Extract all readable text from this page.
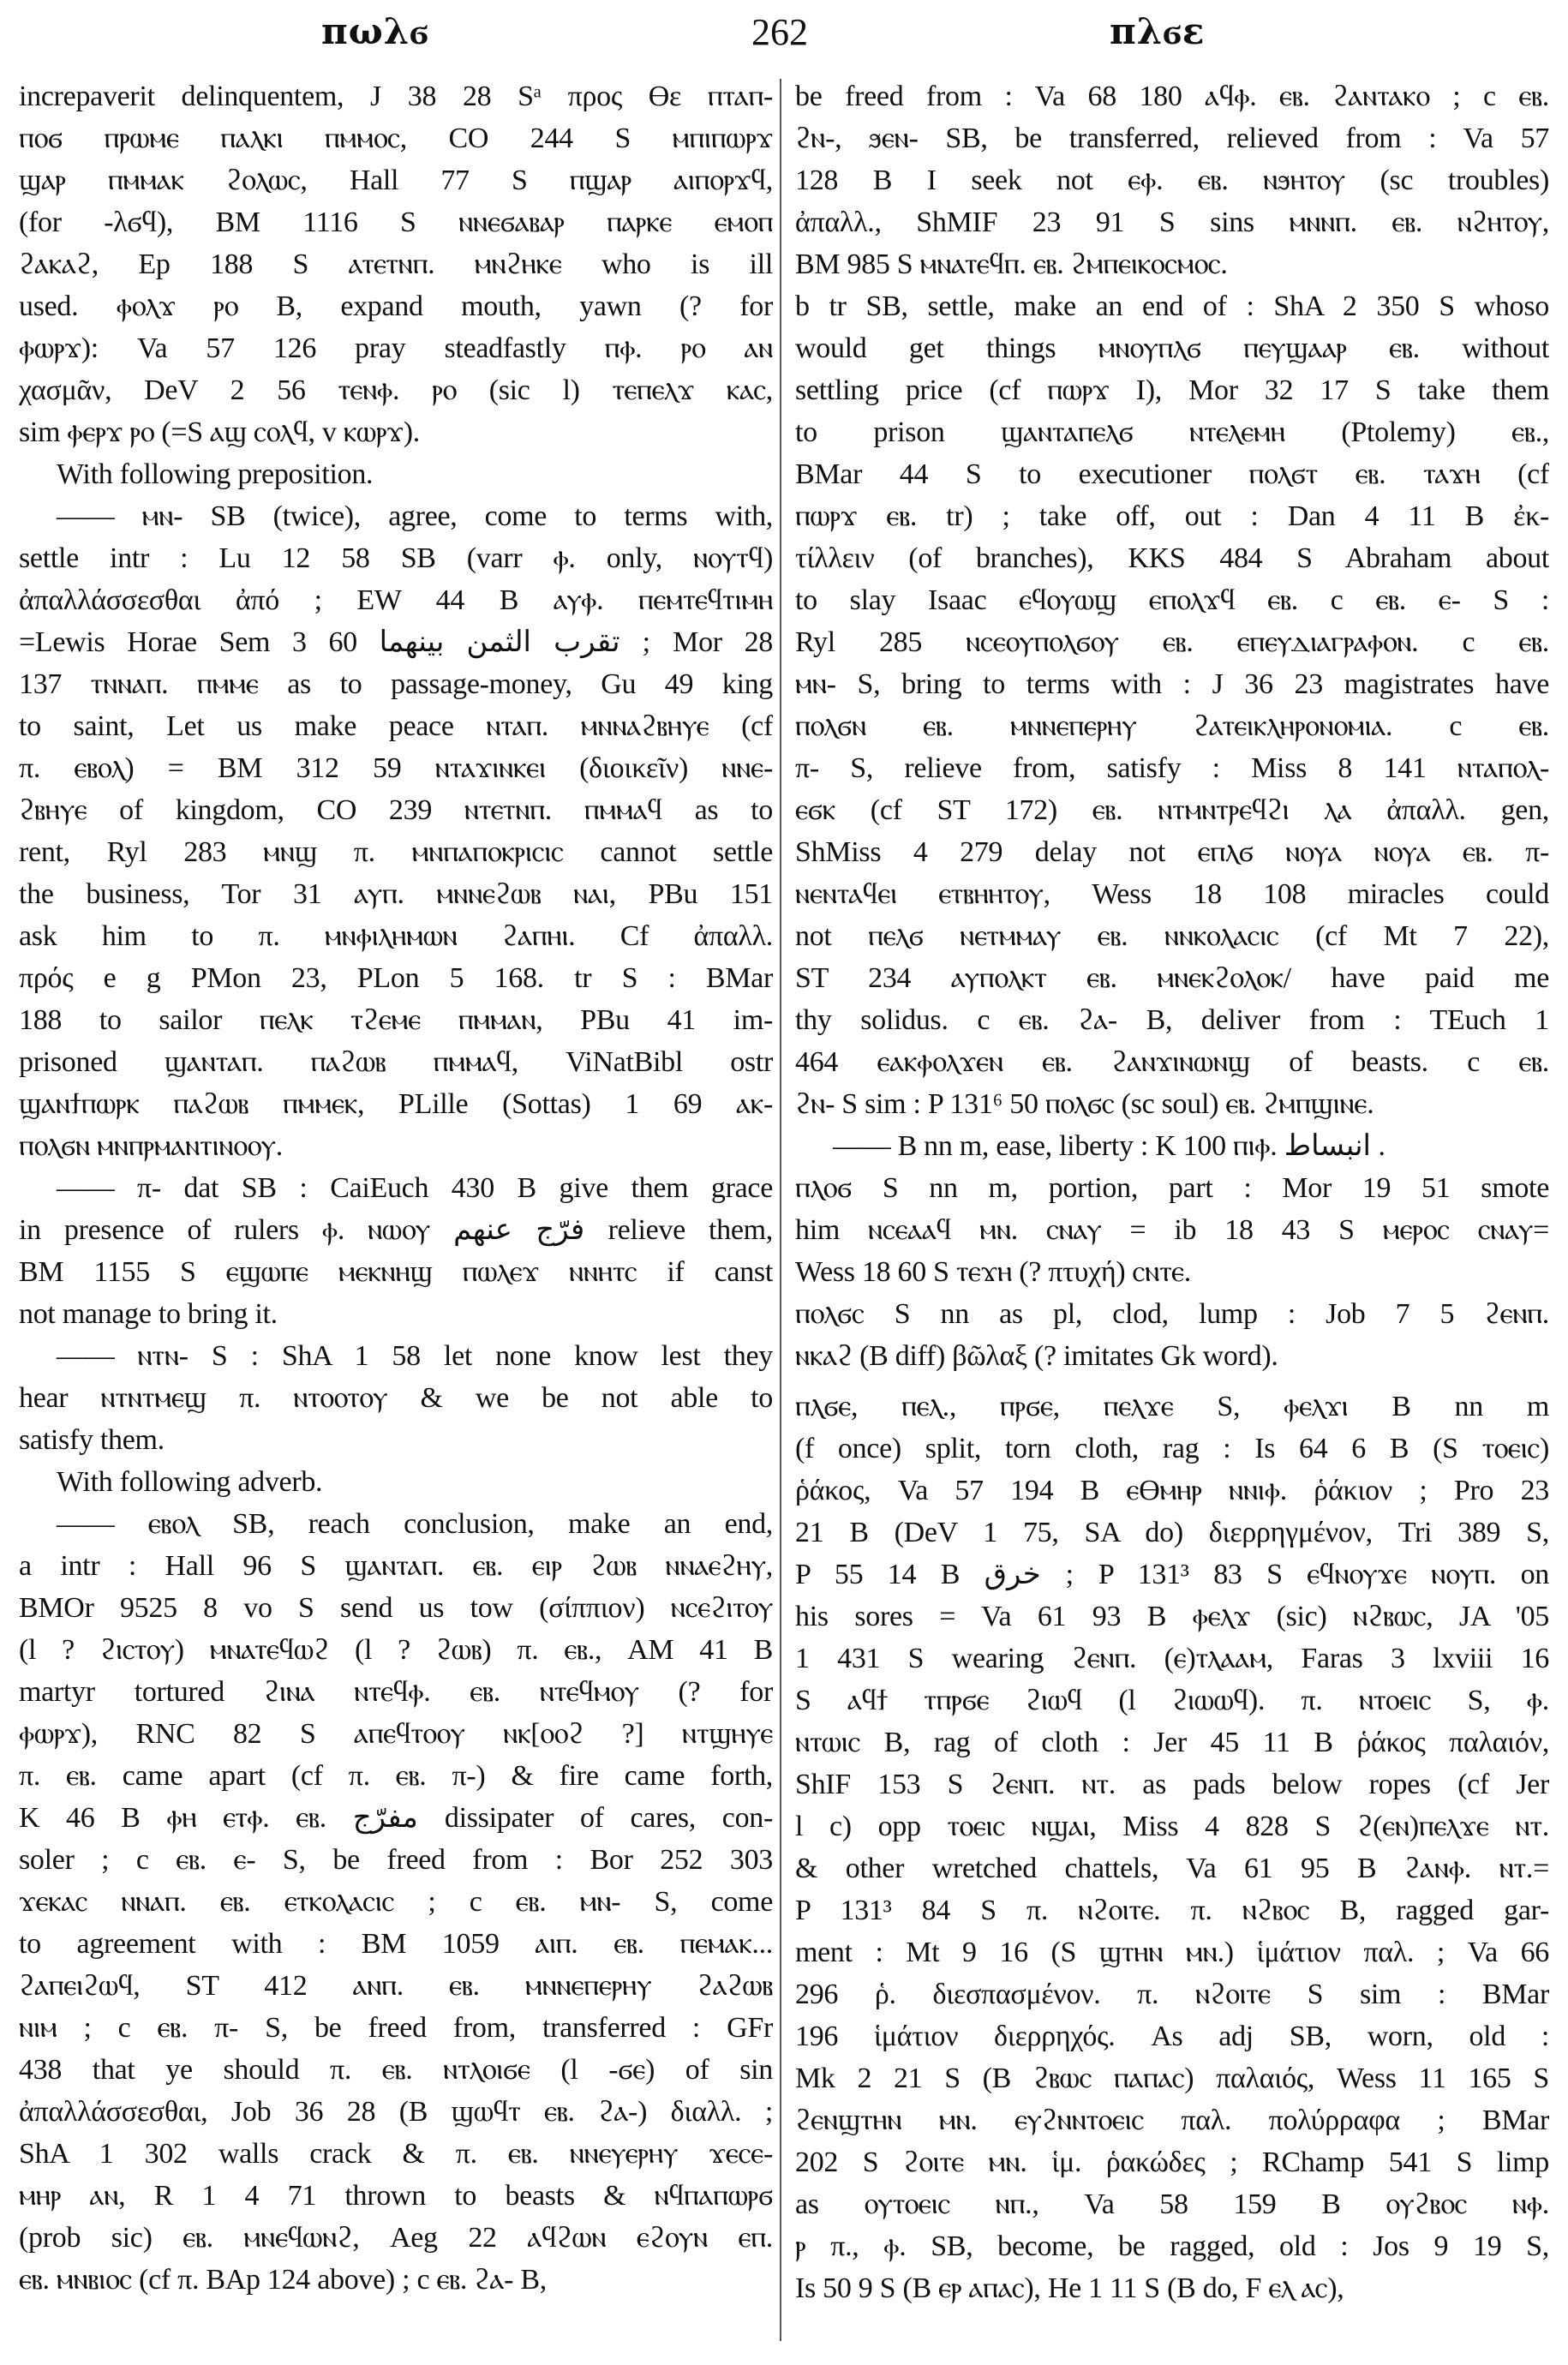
πωλϭ	262	πλϭε
increpaverit delinquentem, J 38 28 Sᵃ προς ϴε ⲡⲧⲁⲡ-
ⲡⲟϭ ⲡⲣⲱⲙⲉ ⲡⲁⲗⲕⲓ ⲡⲙⲙⲟⲥ, CO 244 S ⲙⲡⲓⲡⲱⲣϫ
ϣⲁⲣ ⲡⲙⲙⲁⲕ ϩⲟⲗⲱⲥ, Hall 77 S ⲡϣⲁⲣ ⲁⲓⲡⲟⲣϫϥ,
(for -λϭϥ), BM 1116 S ⲛⲛⲉϭⲁⲃⲁⲣ ⲡⲁⲣⲕⲉ ⲉⲙⲟⲡ
ϩⲁⲕⲁϩ, Ep 188 S ⲁⲧⲉⲧⲛⲡ. ⲙⲛϩⲏⲕⲉ who is ill
used. ⲫⲟⲗϫ ⲣⲟ B, expand mouth, yawn (? for
ⲫⲱⲣϫ): Va 57 126 pray steadfastly ⲡⲫ. ⲣⲟ ⲁⲛ
χασμᾶν, DeV 2 56 ⲧⲉⲛⲫ. ⲣⲟ (sic l) ⲧⲉⲡⲉⲗϫ ⲕⲁⲥ,
sim ⲫⲉⲣϫ ⲣⲟ (=S ⲁϣ ⲥⲟⲗϥ, v ⲕⲱⲣϫ).
With following preposition.
—— ⲙⲛ- SB (twice), agree, come to terms with,
settle intr : Lu 12 58 SB (varr ⲫ. only, ⲛⲟⲩⲧϥ)
ἀπαλλάσσεσθαι ἀπό ; EW 44 B ⲁⲩⲫ. ⲡⲉⲙⲧⲉϥⲧⲓⲙⲏ
=Lewis Horae Sem 3 60 تقرب الثمن بينهما ; Mor 28
137 ⲧⲛⲛⲁⲡ. ⲡⲙⲙⲉ as to passage-money, Gu 49 king
to saint, Let us make peace ⲛⲧⲁⲡ. ⲙⲛⲛⲁϩⲃⲏⲩⲉ (cf
π. ⲉⲃⲟⲗ) = BM 312 59 ⲛⲧⲁϫⲓⲛⲕⲉⲓ (διοικεῖν) ⲛⲛⲉ-
ϩⲃⲏⲩⲉ of kingdom, CO 239 ⲛⲧⲉⲧⲛⲡ. ⲡⲙⲙⲁϥ as to
rent, Ryl 283 ⲙⲛϣ π. ⲙⲛⲡⲁⲡⲟⲕⲣⲓⲥⲓⲥ cannot settle
the business, Tor 31 ⲁⲩⲡ. ⲙⲛⲛⲉϩⲱⲃ ⲛⲁⲓ, PBu 151
ask him to π. ⲙⲛⲫⲓⲗⲏⲙⲱⲛ ϩⲁⲡⲏⲓ. Cf ἀπαλλ.
πρός e g PMon 23, PLon 5 168. tr S : BMar
188 to sailor ⲡⲉⲗⲕ ⲧϩⲉⲙⲉ ⲡⲙⲙⲁⲛ, PBu 41 im-
prisoned ϣⲁⲛⲧⲁⲡ. ⲡⲁϩⲱⲃ ⲡⲙⲙⲁϥ, ViNatBibl ostr
ϣⲁⲛϯⲡⲱⲣⲕ ⲡⲁϩⲱⲃ ⲡⲙⲙⲉⲕ, PLille (Sottas) 1 69 ⲁⲕ-
ⲡⲟⲗϭⲛ ⲙⲛⲡⲣⲙⲁⲛⲧⲓⲛⲟⲟⲩ.
—— π- dat SB : CaiEuch 430 B give them grace
in presence of rulers ⲫ. ⲛⲱⲟⲩ فرّج عنهم relieve them,
BM 1155 S ⲉϣⲱⲡⲉ ⲙⲉⲕⲛⲏϣ ⲡⲱⲗⲉϫ ⲛⲛⲏⲧⲥ if canst
not manage to bring it.
—— ⲛⲧⲛ- S : ShA 1 58 let none know lest they
hear ⲛⲧⲛⲧⲙⲉϣ π. ⲛⲧⲟⲟⲧⲟⲩ & we be not able to
satisfy them.
With following adverb.
—— ⲉⲃⲟⲗ SB, reach conclusion, make an end,
a intr : Hall 96 S ϣⲁⲛⲧⲁⲡ. ⲉⲃ. ⲉⲓⲣ ϩⲱⲃ ⲛⲛⲁⲉϩⲏⲩ,
BMOr 9525 8 vo S send us tow (σίππιον) ⲛⲥⲉϩⲓⲧⲟⲩ
(l ? ϩⲓⲥⲧⲟⲩ) ⲙⲛⲁⲧⲉϥⲱϩ (l ? ϩⲱⲃ) π. ⲉⲃ., AM 41 B
martyr tortured ϩⲓⲛⲁ ⲛⲧⲉϥⲫ. ⲉⲃ. ⲛⲧⲉϥⲙⲟⲩ (? for
ⲫⲱⲣϫ), RNC 82 S ⲁⲡⲉϥⲧⲟⲟⲩ ⲛⲕ[ⲟⲟϩ ?] ⲛⲧϣⲏⲩⲉ
π. ⲉⲃ. came apart (cf π. ⲉⲃ. π-) & fire came forth,
K 46 B ⲫⲏ ⲉⲧⲫ. ⲉⲃ. مفرّج dissipater of cares, con-
soler ; c ⲉⲃ. ⲉ- S, be freed from : Bor 252 303
ϫⲉⲕⲁⲥ ⲛⲛⲁⲡ. ⲉⲃ. ⲉⲧⲕⲟⲗⲁⲥⲓⲥ ; c ⲉⲃ. ⲙⲛ- S, come
to agreement with : BM 1059 ⲁⲓⲡ. ⲉⲃ. ⲡⲉⲙⲁⲕ...
ϩⲁⲡⲉⲓϩⲱϥ, ST 412 ⲁⲛⲡ. ⲉⲃ. ⲙⲛⲛⲉⲡⲉⲣⲏⲩ ϩⲁϩⲱⲃ
ⲛⲓⲙ ; c ⲉⲃ. π- S, be freed from, transferred : GFr
438 that ye should π. ⲉⲃ. ⲛⲧⲗⲟⲓϭⲉ (l -ϭⲉ) of sin
ἀπαλλάσσεσθαι, Job 36 28 (B ϣⲱϥⲧ ⲉⲃ. ϩⲁ-) διαλλ. ;
ShA 1 302 walls crack & π. ⲉⲃ. ⲛⲛⲉⲩⲉⲣⲏⲩ ϫⲉⲥⲉ-
ⲙⲏⲣ ⲁⲛ, R 1 4 71 thrown to beasts & ⲛϥⲡⲁⲡⲱⲣϭ
(prob sic) ⲉⲃ. ⲙⲛⲉϥⲱⲛϩ, Aeg 22 ⲁϥϩⲱⲛ ⲉϩⲟⲩⲛ ⲉⲡ.
ⲉⲃ. ⲙⲛⲃⲓⲟⲥ (cf π. BAp 124 above) ; c ⲉⲃ. ϩⲁ- B,
be freed from : Va 68 180 ⲁϥⲫ. ⲉⲃ. ϩⲁⲛⲧⲁⲕⲟ ; c ⲉⲃ.
ϩⲛ-, ϧⲉⲛ- SB, be transferred, relieved from : Va 57
128 B I seek not ⲉⲫ. ⲉⲃ. ⲛϧⲏⲧⲟⲩ (sc troubles)
ἀπαλλ., ShMIF 23 91 S sins ⲙⲛⲛⲡ. ⲉⲃ. ⲛϩⲏⲧⲟⲩ,
BM 985 S ⲙⲛⲁⲧⲉϥⲡ. ⲉⲃ. ϩⲙⲡⲉⲓⲕⲟⲥⲙⲟⲥ.
b tr SB, settle, make an end of : ShA 2 350 S whoso
would get things ⲙⲛⲟⲩⲡⲗϭ ⲡⲉⲩϣⲁⲁⲣ ⲉⲃ. without
settling price (cf ⲡⲱⲣϫ I), Mor 32 17 S take them
to prison ϣⲁⲛⲧⲁⲡⲉⲗϭ ⲛⲧⲉⲗⲉⲙⲏ (Ptolemy) ⲉⲃ.,
BMar 44 S to executioner ⲡⲟⲗϭⲧ ⲉⲃ. ⲧⲁϫⲏ (cf
ⲡⲱⲣϫ ⲉⲃ. tr) ; take off, out : Dan 4 11 B ἐκ-
τίλλειν (of branches), KKS 484 S Abraham about
to slay Isaac ⲉϥⲟⲩⲱϣ ⲉⲡⲟⲗϫϥ ⲉⲃ. c ⲉⲃ. ⲉ- S :
Ryl 285 ⲛⲥⲉⲟⲩⲡⲟⲗϭⲟⲩ ⲉⲃ. ⲉⲡⲉⲩⲇⲓⲁⲅⲣⲁⲫⲟⲛ. c ⲉⲃ.
ⲙⲛ- S, bring to terms with : J 36 23 magistrates have
ⲡⲟⲗϭⲛ ⲉⲃ. ⲙⲛⲛⲉⲡⲉⲣⲏⲩ ϩⲁⲧⲉⲓⲕⲗⲏⲣⲟⲛⲟⲙⲓⲁ. c ⲉⲃ.
π- S, relieve from, satisfy : Miss 8 141 ⲛⲧⲁⲡⲟⲗ-
ⲉϭⲕ (cf ST 172) ⲉⲃ. ⲛⲧⲙⲛⲧⲣⲉϥϩⲓ ⲗⲁ ἀπαλλ. gen,
ShMiss 4 279 delay not ⲉⲡⲗϭ ⲛⲟⲩⲁ ⲛⲟⲩⲁ ⲉⲃ. π-
ⲛⲉⲛⲧⲁϥⲉⲓ ⲉⲧⲃⲏⲏⲧⲟⲩ, Wess 18 108 miracles could
not ⲡⲉⲗϭ ⲛⲉⲧⲙⲙⲁⲩ ⲉⲃ. ⲛⲛⲕⲟⲗⲁⲥⲓⲥ (cf Mt 7 22),
ST 234 ⲁⲩⲡⲟⲗⲕⲧ ⲉⲃ. ⲙⲛⲉⲕϩⲟⲗⲟⲕ/ have paid me
thy solidus. c ⲉⲃ. ϩⲁ- B, deliver from : TEuch 1
464 ⲉⲁⲕⲫⲟⲗϫⲉⲛ ⲉⲃ. ϩⲁⲛϫⲓⲛⲱⲛϣ of beasts. c ⲉⲃ.
ϩⲛ- S sim : P 131⁶ 50 ⲡⲟⲗϭⲥ (sc soul) ⲉⲃ. ϩⲙⲡϣⲓⲛⲉ.
—— B nn m, ease, liberty : K 100 ⲡⲓⲫ. انبساط .
ⲡⲗⲟϭ S nn m, portion, part : Mor 19 51 smote
him ⲛⲥⲉⲁⲁϥ ⲙⲛ. ⲥⲛⲁⲩ = ib 18 43 S ⲙⲉⲣⲟⲥ ⲥⲛⲁⲩ=
Wess 18 60 S ⲧⲉϫⲏ (? πτυχή) ⲥⲛⲧⲉ.
ⲡⲟⲗϭⲥ S nn as pl, clod, lump : Job 7 5 ϩⲉⲛⲡ.
ⲛⲕⲁϩ (B diff) βῶλαξ (? imitates Gk word).
ⲡⲗϭⲉ, ⲡⲉⲗ., ⲡⲣϭⲉ, ⲡⲉⲗϫⲉ S, ⲫⲉⲗϫⲓ B nn m
(f once) split, torn cloth, rag : Is 64 6 B (S ⲧⲟⲉⲓⲥ)
ῥάκος, Va 57 194 B ⲉϴⲙⲏⲣ ⲛⲛⲓⲫ. ῥάκιον ; Pro 23
21 B (DeV 1 75, SA do) διερρηγμένον, Tri 389 S,
P 55 14 B خرق ; P 131³ 83 S ⲉϥⲛⲟⲩϫⲉ ⲛⲟⲩⲡ. on
his sores = Va 61 93 B ⲫⲉⲗϫ (sic) ⲛϩⲃⲱⲥ, JA '05
1 431 S wearing ϩⲉⲛⲡ. (ⲉ)ⲧⲗⲁⲁⲙ, Faras 3 lxviii 16
S ⲁϥϯ ⲧⲡⲣϭⲉ ϩⲓⲱϥ (l ϩⲓⲱⲱϥ). π. ⲛⲧⲟⲉⲓⲥ S, ⲫ.
ⲛⲧⲱⲓⲥ B, rag of cloth : Jer 45 11 B ῥάκος παλαιόν,
ShIF 153 S ϩⲉⲛⲡ. ⲛⲧ. as pads below ropes (cf Jer
l c) opp ⲧⲟⲉⲓⲥ ⲛϣⲁⲓ, Miss 4 828 S ϩ(ⲉⲛ)ⲡⲉⲗϫⲉ ⲛⲧ.
& other wretched chattels, Va 61 95 B ϩⲁⲛⲫ. ⲛⲧ.=
P 131³ 84 S π. ⲛϩⲟⲓⲧⲉ. π. ⲛϩⲃⲟⲥ B, ragged gar-
ment : Mt 9 16 (S ϣⲧⲏⲛ ⲙⲛ.) ἱμάτιον παλ. ; Va 66
296 ῥ. διεσπασμένον. π. ⲛϩⲟⲓⲧⲉ S sim : BMar
196 ἱμάτιον διερρηχός. As adj SB, worn, old :
Mk 2 21 S (B ϩⲃⲱⲥ ⲡⲁⲡⲁⲥ) παλαιός, Wess 11 165 S
ϩⲉⲛϣⲧⲏⲛ ⲙⲛ. ⲉⲩϩⲛⲛⲧⲟⲉⲓⲥ παλ. πολύρραφα ; BMar
202 S ϩⲟⲓⲧⲉ ⲙⲛ. ἱμ. ῥακώδες ; RChamp 541 S limp
as ⲟⲩⲧⲟⲉⲓⲥ ⲛⲡ., Va 58 159 B ⲟⲩϩⲃⲟⲥ ⲛⲫ.
ⲣ π., ⲫ. SB, become, be ragged, old : Jos 9 19 S,
Is 50 9 S (B ⲉⲣ ⲁⲡⲁⲥ), He 1 11 S (B do, F ⲉⲗ ⲁⲥ),
